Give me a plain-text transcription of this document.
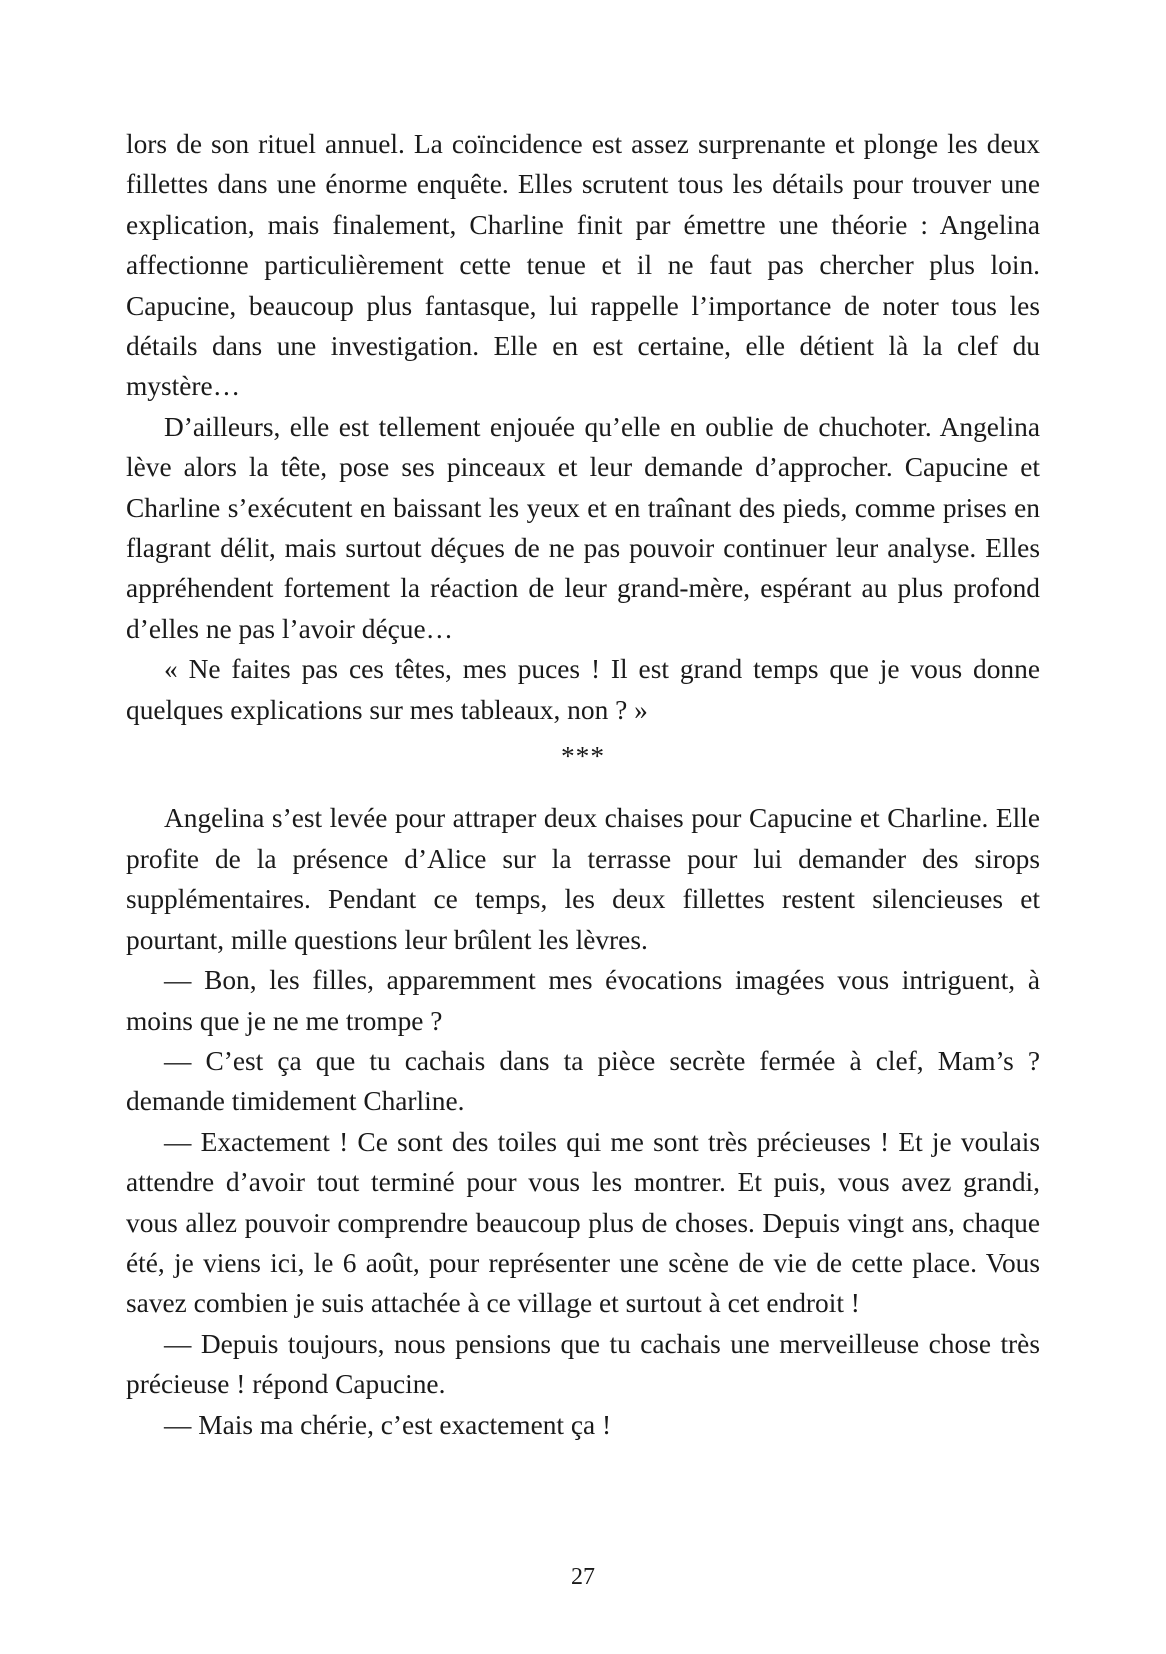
lors de son rituel annuel. La coïncidence est assez surprenante et plonge les deux fillettes dans une énorme enquête. Elles scrutent tous les détails pour trouver une explication, mais finalement, Charline finit par émettre une théorie : Angelina affectionne particulièrement cette tenue et il ne faut pas chercher plus loin. Capucine, beaucoup plus fantasque, lui rappelle l’importance de noter tous les détails dans une investigation. Elle en est certaine, elle détient là la clef du mystère…

D’ailleurs, elle est tellement enjouée qu’elle en oublie de chuchoter. Angelina lève alors la tête, pose ses pinceaux et leur demande d’approcher. Capucine et Charline s’exécutent en baissant les yeux et en traînant des pieds, comme prises en flagrant délit, mais surtout déçues de ne pas pouvoir continuer leur analyse. Elles appréhendent fortement la réaction de leur grand-mère, espérant au plus profond d’elles ne pas l’avoir déçue…

« Ne faites pas ces têtes, mes puces ! Il est grand temps que je vous donne quelques explications sur mes tableaux, non ? »

***

Angelina s’est levée pour attraper deux chaises pour Capucine et Charline. Elle profite de la présence d’Alice sur la terrasse pour lui demander des sirops supplémentaires. Pendant ce temps, les deux fillettes restent silencieuses et pourtant, mille questions leur brûlent les lèvres.

— Bon, les filles, apparemment mes évocations imagées vous intriguent, à moins que je ne me trompe ?

— C’est ça que tu cachais dans ta pièce secrète fermée à clef, Mam’s ? demande timidement Charline.

— Exactement ! Ce sont des toiles qui me sont très précieuses ! Et je voulais attendre d’avoir tout terminé pour vous les montrer. Et puis, vous avez grandi, vous allez pouvoir comprendre beaucoup plus de choses. Depuis vingt ans, chaque été, je viens ici, le 6 août, pour représenter une scène de vie de cette place. Vous savez combien je suis attachée à ce village et surtout à cet endroit !

— Depuis toujours, nous pensions que tu cachais une merveilleuse chose très précieuse ! répond Capucine.

— Mais ma chérie, c’est exactement ça !

27
